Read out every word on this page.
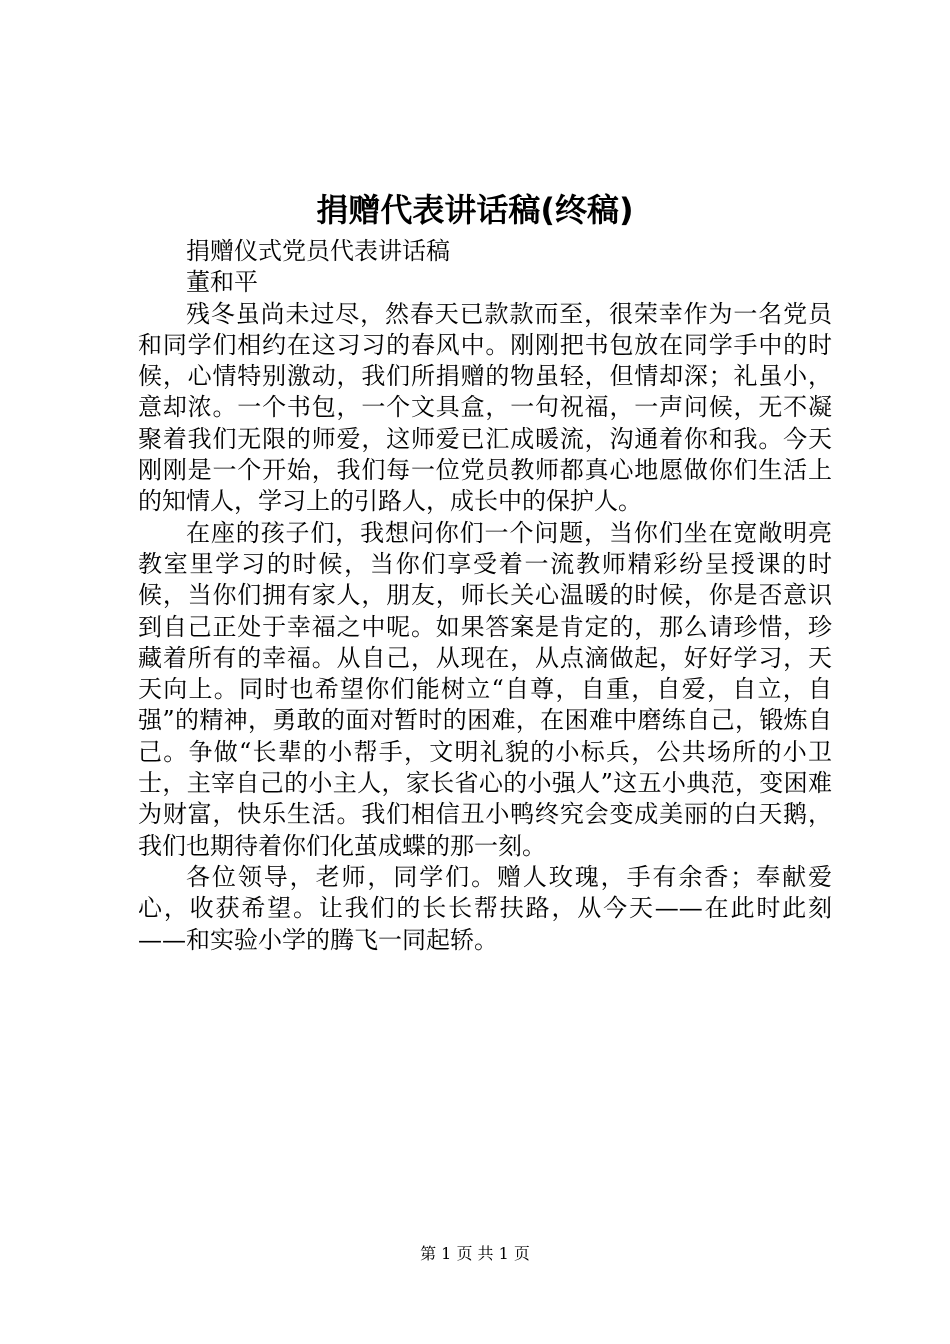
捐赠代表讲话稿(终稿)

捐赠仪式党员代表讲话稿

董和平

残冬虽尚未过尽，然春天已款款而至，很荣幸作为一名党员和同学们相约在这习习的春风中。刚刚把书包放在同学手中的时候，心情特别激动，我们所捐赠的物虽轻，但情却深；礼虽小，意却浓。一个书包，一个文具盒，一句祝福，一声问候，无不凝聚着我们无限的师爱，这师爱已汇成暖流，沟通着你和我。今天刚刚是一个开始，我们每一位党员教师都真心地愿做你们生活上的知情人，学习上的引路人，成长中的保护人。

在座的孩子们，我想问你们一个问题，当你们坐在宽敞明亮教室里学习的时候，当你们享受着一流教师精彩纷呈授课的时候，当你们拥有家人，朋友，师长关心温暖的时候，你是否意识到自己正处于幸福之中呢。如果答案是肯定的，那么请珍惜，珍藏着所有的幸福。从自己，从现在，从点滴做起，好好学习，天天向上。同时也希望你们能树立“自尊，自重，自爱，自立，自强”的精神，勇敢的面对暂时的困难，在困难中磨练自己，锻炼自己。争做“长辈的小帮手，文明礼貌的小标兵，公共场所的小卫士，主宰自己的小主人，家长省心的小强人”这五小典范，变困难为财富，快乐生活。我们相信丑小鸭终究会变成美丽的白天鹅，我们也期待着你们化茧成蝶的那一刻。

各位领导，老师，同学们。赠人玫瑰，手有余香；奉献爱心，收获希望。让我们的长长帮扶路，从今天——在此时此刻——和实验小学的腾飞一同起轿。

第 1 页 共 1 页
